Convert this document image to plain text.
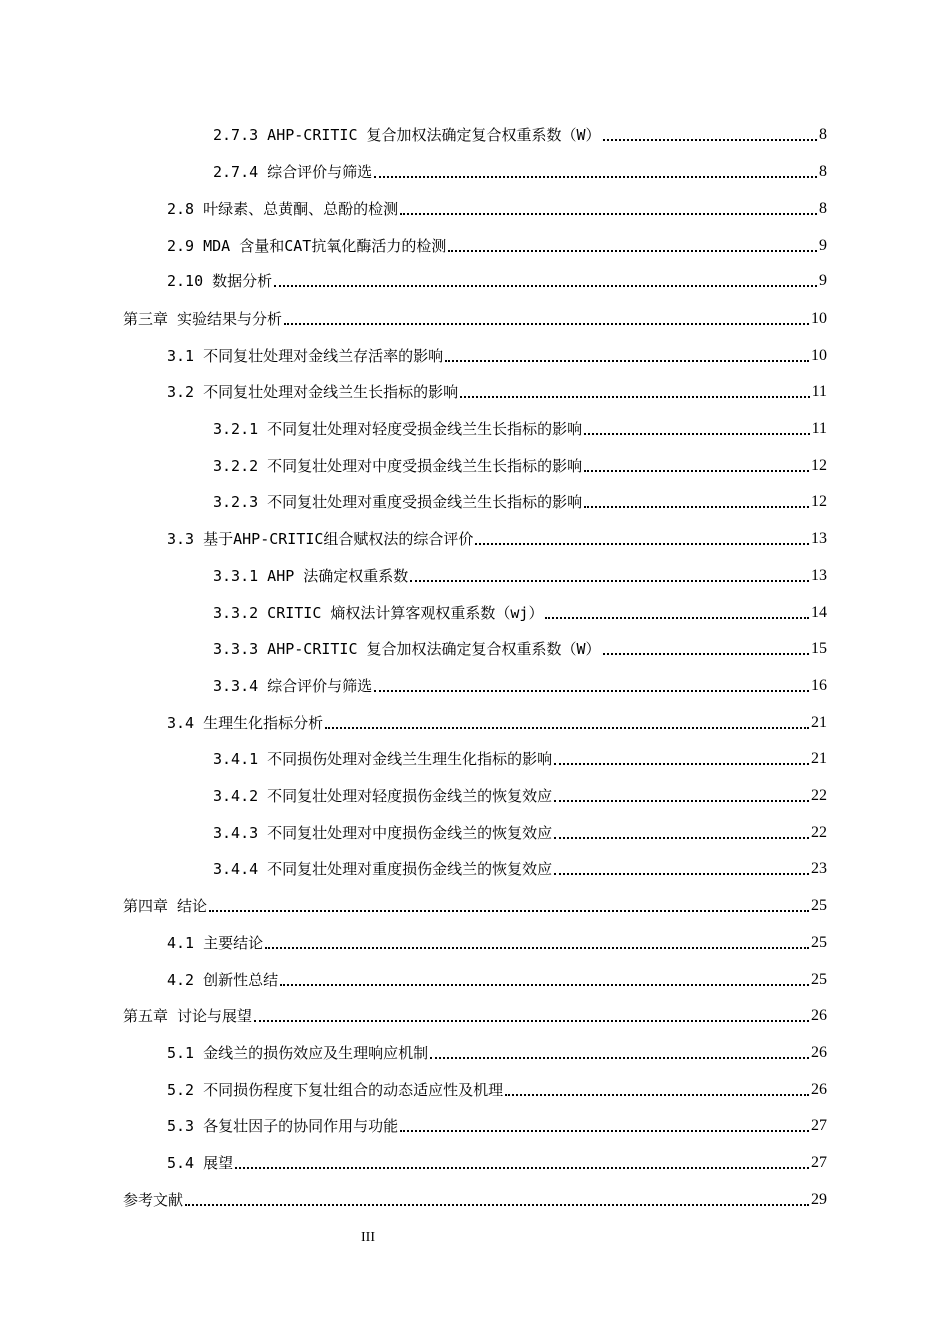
2.7.3 AHP-CRITIC 复合加权法确定复合权重系数（W）	8
2.7.4 综合评价与筛选	8
2.8 叶绿素、总黄酮、总酚的检测	8
2.9 MDA 含量和CAT抗氧化酶活力的检测	9
2.10 数据分析	9
第三章 实验结果与分析	10
3.1 不同复壮处理对金线兰存活率的影响	10
3.2 不同复壮处理对金线兰生长指标的影响	11
3.2.1 不同复壮处理对轻度受损金线兰生长指标的影响	11
3.2.2 不同复壮处理对中度受损金线兰生长指标的影响	12
3.2.3 不同复壮处理对重度受损金线兰生长指标的影响	12
3.3 基于AHP-CRITIC组合赋权法的综合评价	13
3.3.1 AHP 法确定权重系数	13
3.3.2 CRITIC 熵权法计算客观权重系数（wj）	14
3.3.3 AHP-CRITIC 复合加权法确定复合权重系数（W）	15
3.3.4 综合评价与筛选	16
3.4 生理生化指标分析	21
3.4.1 不同损伤处理对金线兰生理生化指标的影响	21
3.4.2 不同复壮处理对轻度损伤金线兰的恢复效应	22
3.4.3 不同复壮处理对中度损伤金线兰的恢复效应	22
3.4.4 不同复壮处理对重度损伤金线兰的恢复效应	23
第四章 结论	25
4.1 主要结论	25
4.2 创新性总结	25
第五章 讨论与展望	26
5.1 金线兰的损伤效应及生理响应机制	26
5.2 不同损伤程度下复壮组合的动态适应性及机理	26
5.3 各复壮因子的协同作用与功能	27
5.4 展望	27
参考文献	29
III
